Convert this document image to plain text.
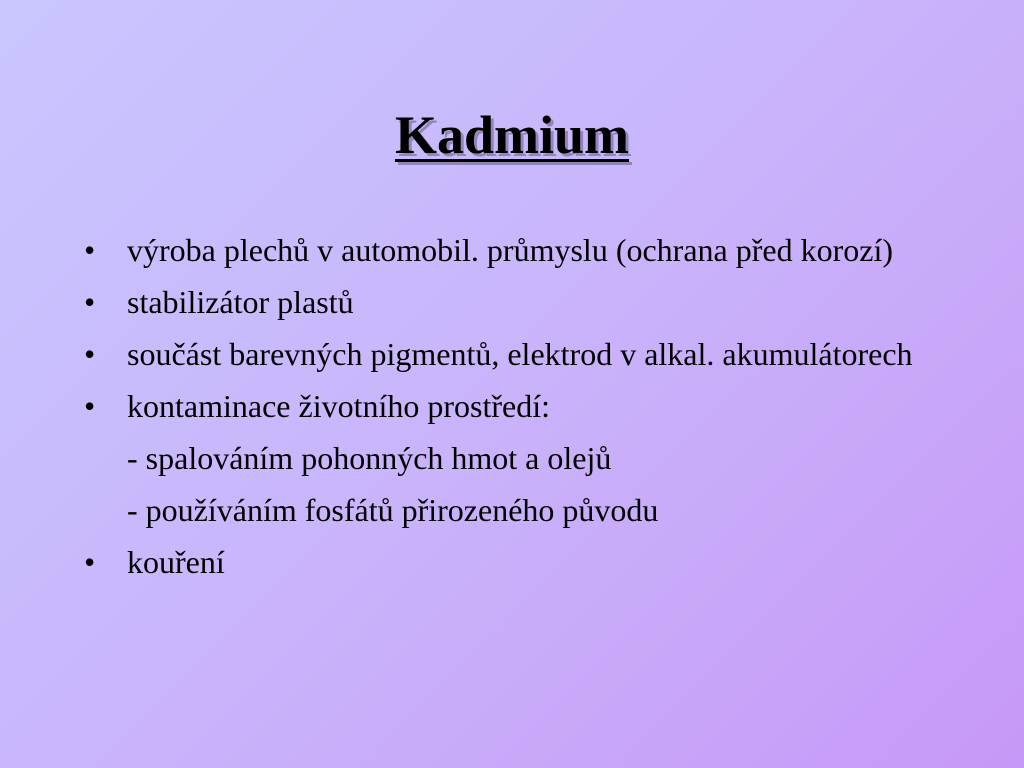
Kadmium
• výroba plechů v automobil. průmyslu (ochrana před korozí)
• stabilizátor plastů
• součást barevných pigmentů, elektrod v alkal. akumulátorech
• kontaminace životního prostředí:
- spalováním pohonných hmot a olejů
- používáním fosfátů přirozeného původu
• kouření
